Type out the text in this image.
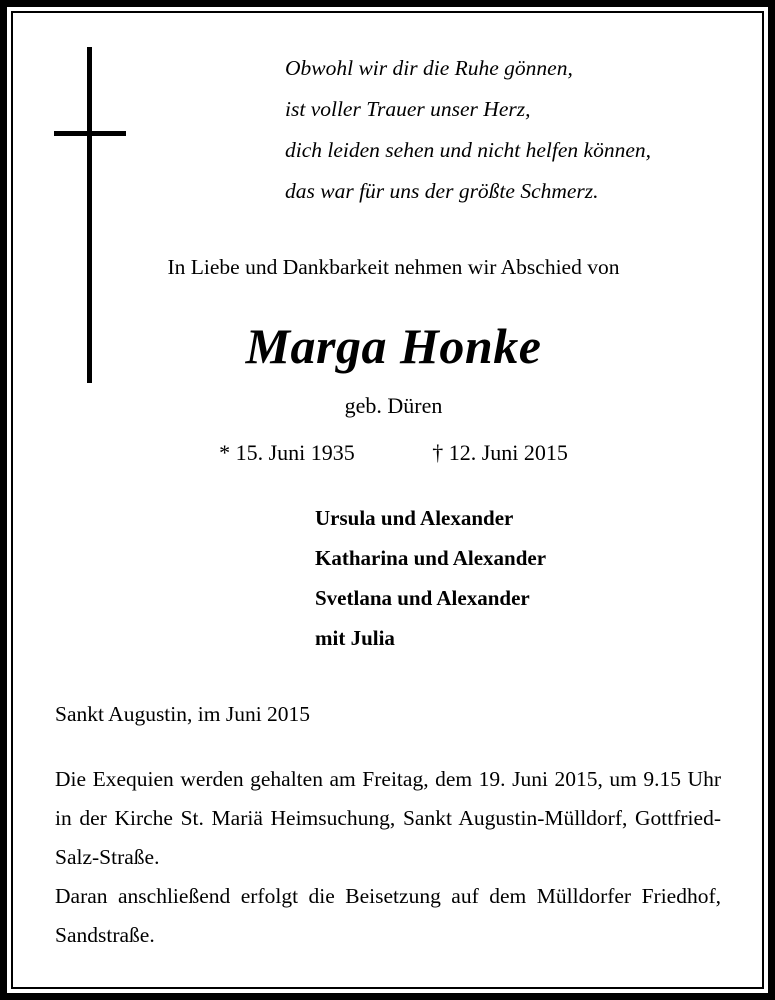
Obwohl wir dir die Ruhe gönnen,
ist voller Trauer unser Herz,
dich leiden sehen und nicht helfen können,
das war für uns der größte Schmerz.
In Liebe und Dankbarkeit nehmen wir Abschied von
Marga Honke
geb. Düren
* 15. Juni 1935	† 12. Juni 2015
Ursula und Alexander
Katharina und Alexander
Svetlana und Alexander
mit Julia
Sankt Augustin, im Juni 2015

Die Exequien werden gehalten am Freitag, dem 19. Juni 2015, um 9.15 Uhr in der Kirche St. Mariä Heimsuchung, Sankt Augustin-Mülldorf, Gottfried-Salz-Straße.

Daran anschließend erfolgt die Beisetzung auf dem Mülldorfer Friedhof, Sandstraße.
